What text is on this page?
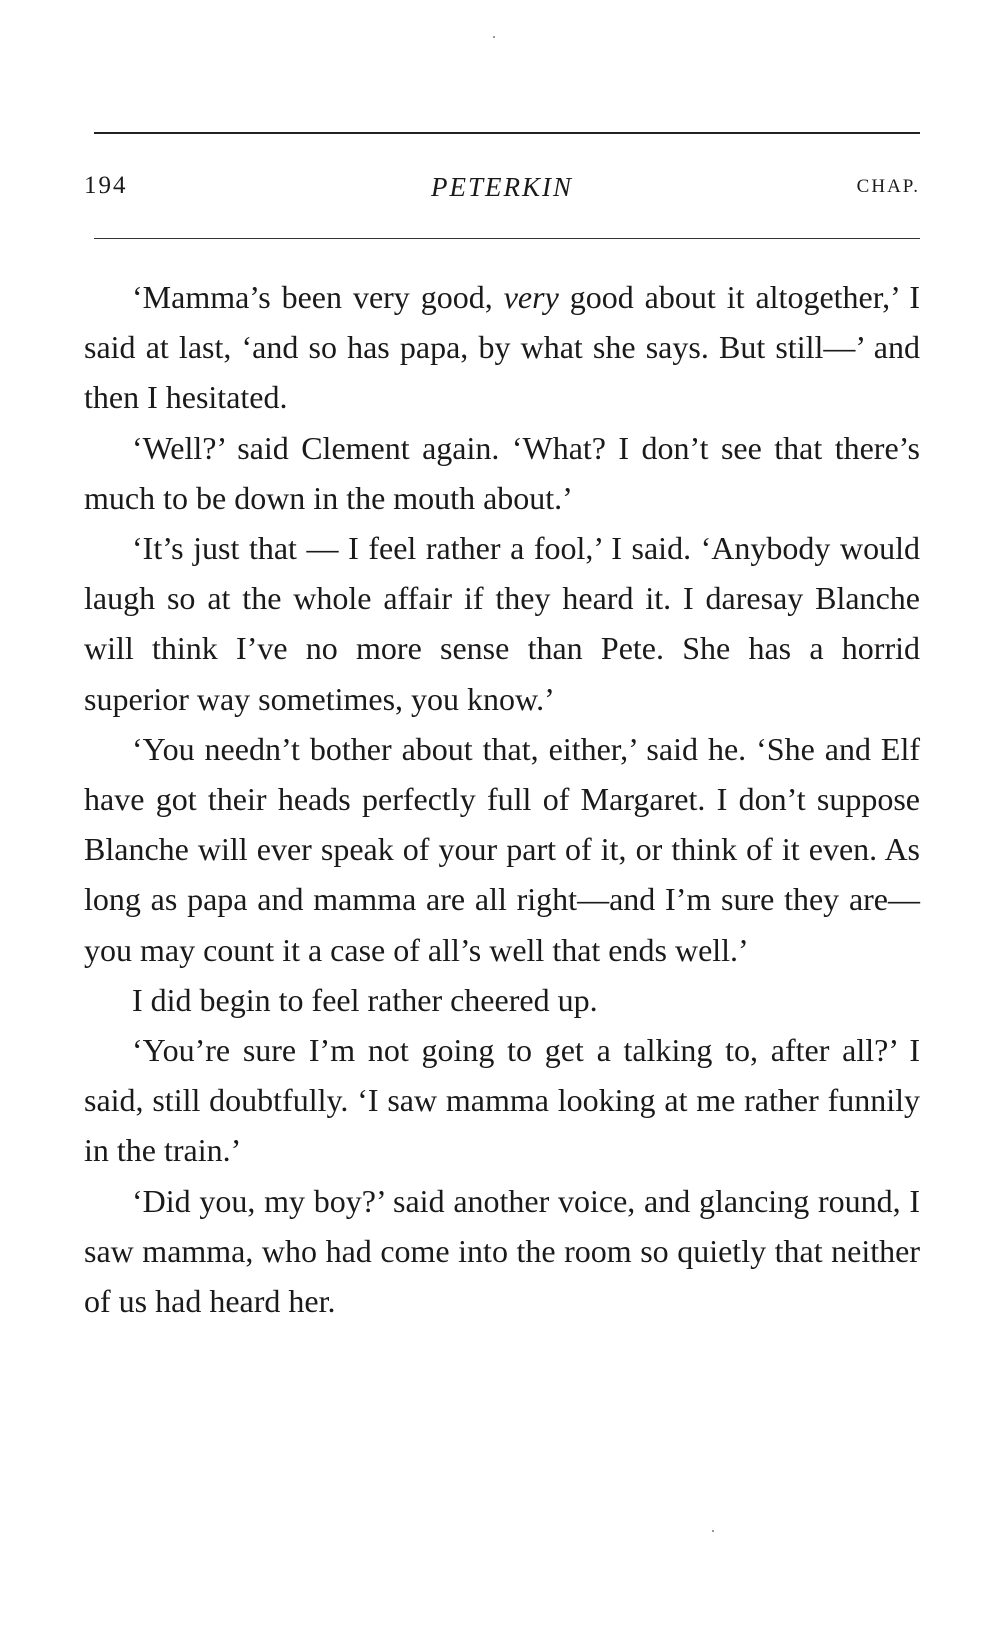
194	PETERKIN	CHAP.

‘Mamma’s been very good, very good about it altogether,’ I said at last, ‘and so has papa, by what she says. But still—’ and then I hesitated.

‘Well?’ said Clement again. ‘What? I don’t see that there’s much to be down in the mouth about.’

‘It’s just that — I feel rather a fool,’ I said. ‘Anybody would laugh so at the whole affair if they heard it. I daresay Blanche will think I’ve no more sense than Pete. She has a horrid superior way sometimes, you know.’

‘You needn’t bother about that, either,’ said he. ‘She and Elf have got their heads perfectly full of Margaret. I don’t suppose Blanche will ever speak of your part of it, or think of it even. As long as papa and mamma are all right—and I’m sure they are—you may count it a case of all’s well that ends well.’

I did begin to feel rather cheered up.

‘You’re sure I’m not going to get a talking to, after all?’ I said, still doubtfully. ‘I saw mamma looking at me rather funnily in the train.’

‘Did you, my boy?’ said another voice, and glancing round, I saw mamma, who had come into the room so quietly that neither of us had heard her.
